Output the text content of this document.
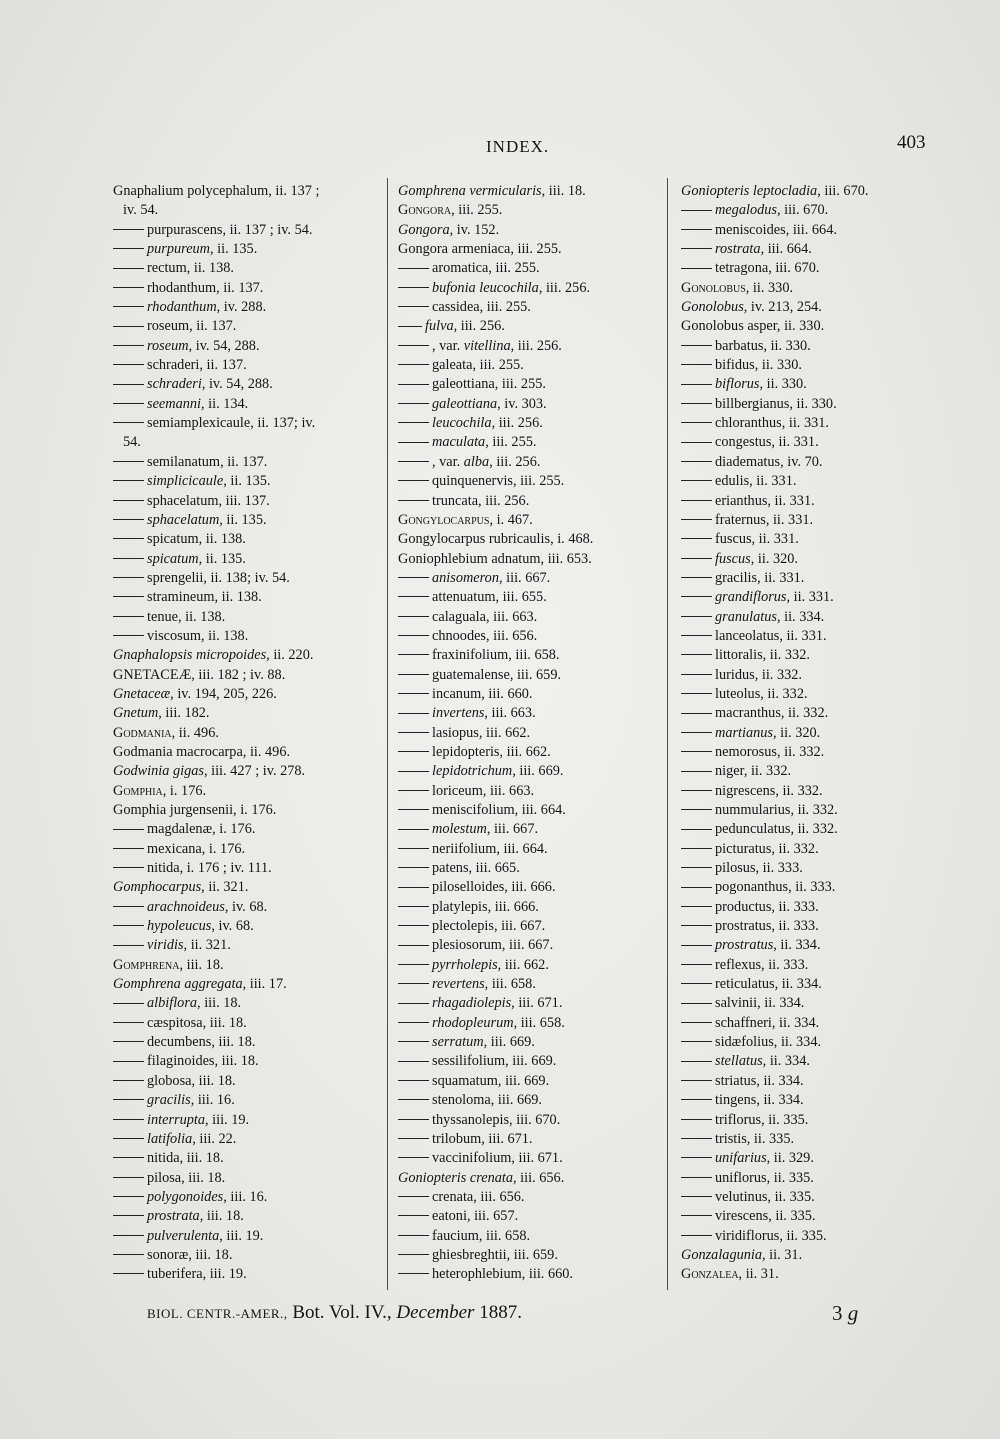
INDEX.	403
Gnaphalium polycephalum, ii. 137 ;
iv. 54.
purpurascens, ii. 137 ; iv. 54.
purpureum, ii. 135.
rectum, ii. 138.
rhodanthum, ii. 137.
rhodanthum, iv. 288.
roseum, ii. 137.
roseum, iv. 54, 288.
schraderi, ii. 137.
schraderi, iv. 54, 288.
seemanni, ii. 134.
semiamplexicaule, ii. 137; iv.
54.
semilanatum, ii. 137.
simplicicaule, ii. 135.
sphacelatum, iii. 137.
sphacelatum, ii. 135.
spicatum, ii. 138.
spicatum, ii. 135.
sprengelii, ii. 138; iv. 54.
stramineum, ii. 138.
tenue, ii. 138.
viscosum, ii. 138.
Gnaphalopsis micropoides, ii. 220.
GNETACEÆ, iii. 182 ; iv. 88.
Gnetaceæ, iv. 194, 205, 226.
Gnetum, iii. 182.
Godmania, ii. 496.
Godmania macrocarpa, ii. 496.
Godwinia gigas, iii. 427 ; iv. 278.
Gomphia, i. 176.
Gomphia jurgensenii, i. 176.
magdalenæ, i. 176.
mexicana, i. 176.
nitida, i. 176 ; iv. 111.
Gomphocarpus, ii. 321.
arachnoideus, iv. 68.
hypoleucus, iv. 68.
viridis, ii. 321.
Gomphrena, iii. 18.
Gomphrena aggregata, iii. 17.
albiflora, iii. 18.
cæspitosa, iii. 18.
decumbens, iii. 18.
filaginoides, iii. 18.
globosa, iii. 18.
gracilis, iii. 16.
interrupta, iii. 19.
latifolia, iii. 22.
nitida, iii. 18.
pilosa, iii. 18.
polygonoides, iii. 16.
prostrata, iii. 18.
pulverulenta, iii. 19.
sonoræ, iii. 18.
tuberifera, iii. 19.
Gomphrena vermicularis, iii. 18.
Gongora, iii. 255.
Gongora, iv. 152.
Gongora armeniaca, iii. 255.
aromatica, iii. 255.
bufonia leucochila, iii. 256.
cassidea, iii. 255.
fulva, iii. 256.
, var. vitellina, iii. 256.
galeata, iii. 255.
galeottiana, iii. 255.
galeottiana, iv. 303.
leucochila, iii. 256.
maculata, iii. 255.
, var. alba, iii. 256.
quinquenervis, iii. 255.
truncata, iii. 256.
Gongylocarpus, i. 467.
Gongylocarpus rubricaulis, i. 468.
Goniophlebium adnatum, iii. 653.
anisomeron, iii. 667.
attenuatum, iii. 655.
calaguala, iii. 663.
chnoodes, iii. 656.
fraxinifolium, iii. 658.
guatemalense, iii. 659.
incanum, iii. 660.
invertens, iii. 663.
lasiopus, iii. 662.
lepidopteris, iii. 662.
lepidotrichum, iii. 669.
loriceum, iii. 663.
meniscifolium, iii. 664.
molestum, iii. 667.
neriifolium, iii. 664.
patens, iii. 665.
piloselloides, iii. 666.
platylepis, iii. 666.
plectolepis, iii. 667.
plesiosorum, iii. 667.
pyrrholepis, iii. 662.
revertens, iii. 658.
rhagadiolepis, iii. 671.
rhodopleurum, iii. 658.
serratum, iii. 669.
sessilifolium, iii. 669.
squamatum, iii. 669.
stenoloma, iii. 669.
thyssanolepis, iii. 670.
trilobum, iii. 671.
vaccinifolium, iii. 671.
Goniopteris crenata, iii. 656.
crenata, iii. 656.
eatoni, iii. 657.
faucium, iii. 658.
ghiesbreghtii, iii. 659.
heterophlebium, iii. 660.
Goniopteris leptocladia, iii. 670.
megalodus, iii. 670.
meniscoides, iii. 664.
rostrata, iii. 664.
tetragona, iii. 670.
Gonolobus, ii. 330.
Gonolobus, iv. 213, 254.
Gonolobus asper, ii. 330.
barbatus, ii. 330.
bifidus, ii. 330.
biflorus, ii. 330.
billbergianus, ii. 330.
chloranthus, ii. 331.
congestus, ii. 331.
diadematus, iv. 70.
edulis, ii. 331.
erianthus, ii. 331.
fraternus, ii. 331.
fuscus, ii. 331.
fuscus, ii. 320.
gracilis, ii. 331.
grandiflorus, ii. 331.
granulatus, ii. 334.
lanceolatus, ii. 331.
littoralis, ii. 332.
luridus, ii. 332.
luteolus, ii. 332.
macranthus, ii. 332.
martianus, ii. 320.
nemorosus, ii. 332.
niger, ii. 332.
nigrescens, ii. 332.
nummularius, ii. 332.
pedunculatus, ii. 332.
picturatus, ii. 332.
pilosus, ii. 333.
pogonanthus, ii. 333.
productus, ii. 333.
prostratus, ii. 333.
prostratus, ii. 334.
reflexus, ii. 333.
reticulatus, ii. 334.
salvinii, ii. 334.
schaffneri, ii. 334.
sidæfolius, ii. 334.
stellatus, ii. 334.
striatus, ii. 334.
tingens, ii. 334.
triflorus, ii. 335.
tristis, ii. 335.
unifarius, ii. 329.
uniflorus, ii. 335.
velutinus, ii. 335.
virescens, ii. 335.
viridiflorus, ii. 335.
Gonzalagunia, ii. 31.
Gonzalea, ii. 31.
BIOL. CENTR.-AMER., Bot. Vol. IV., December 1887.	3 g
